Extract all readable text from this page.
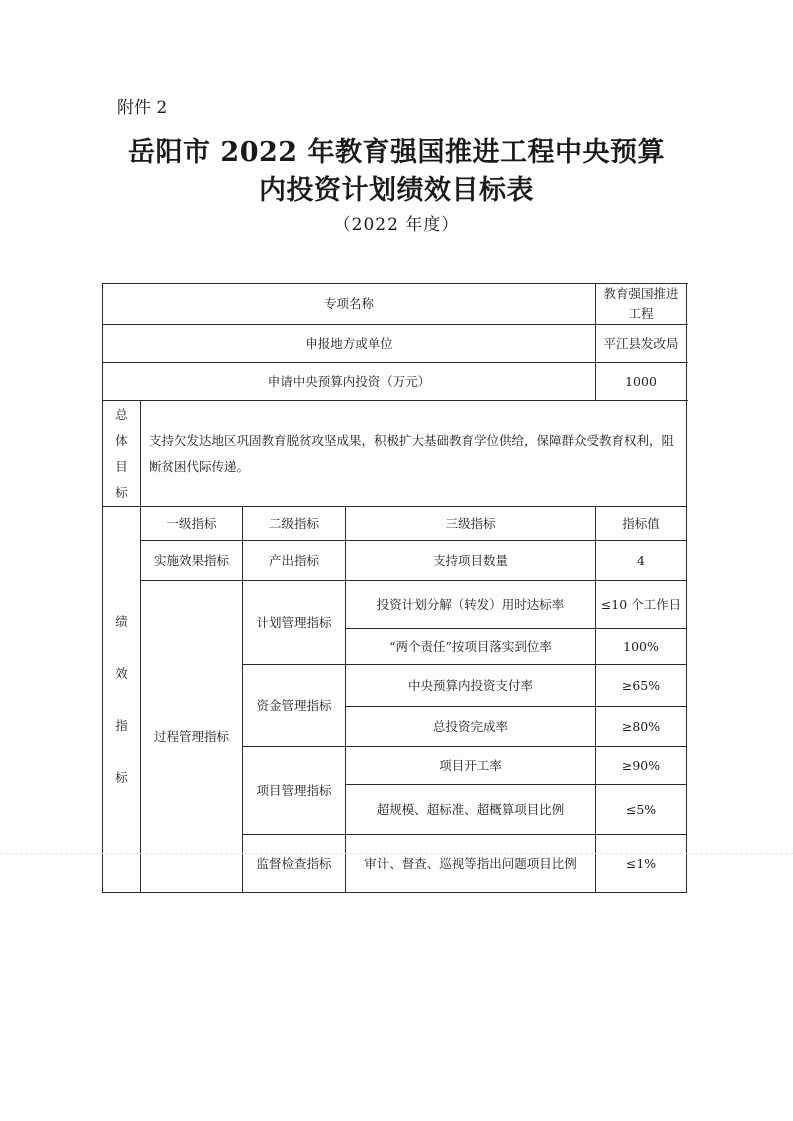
附件 2
岳阳市 2022 年教育强国推进工程中央预算
内投资计划绩效目标表
（2022 年度）
专项名称				教育强国推进工程
申报地方或单位				平江县发改局
申请中央预算内投资（万元）				1000

总
体
目
标	支持欠发达地区巩固教育脱贫攻坚成果，积极扩大基础教育学位供给，保障群众受教育权利，阻断贫困代际传递。			

绩

效

指

标	一级指标	二级指标	三级指标	指标值
	实施效果指标	产出指标	支持项目数量	4
	过程管理指标	计划管理指标	投资计划分解（转发）用时达标率	≤10 个工作日
			“两个责任”按项目落实到位率	100%
		资金管理指标	中央预算内投资支付率	≥65%
			总投资完成率	≥80%
		项目管理指标	项目开工率	≥90%
			超规模、超标准、超概算项目比例	≤5%
		监督检查指标	审计、督查、巡视等指出问题项目比例	≤1%
